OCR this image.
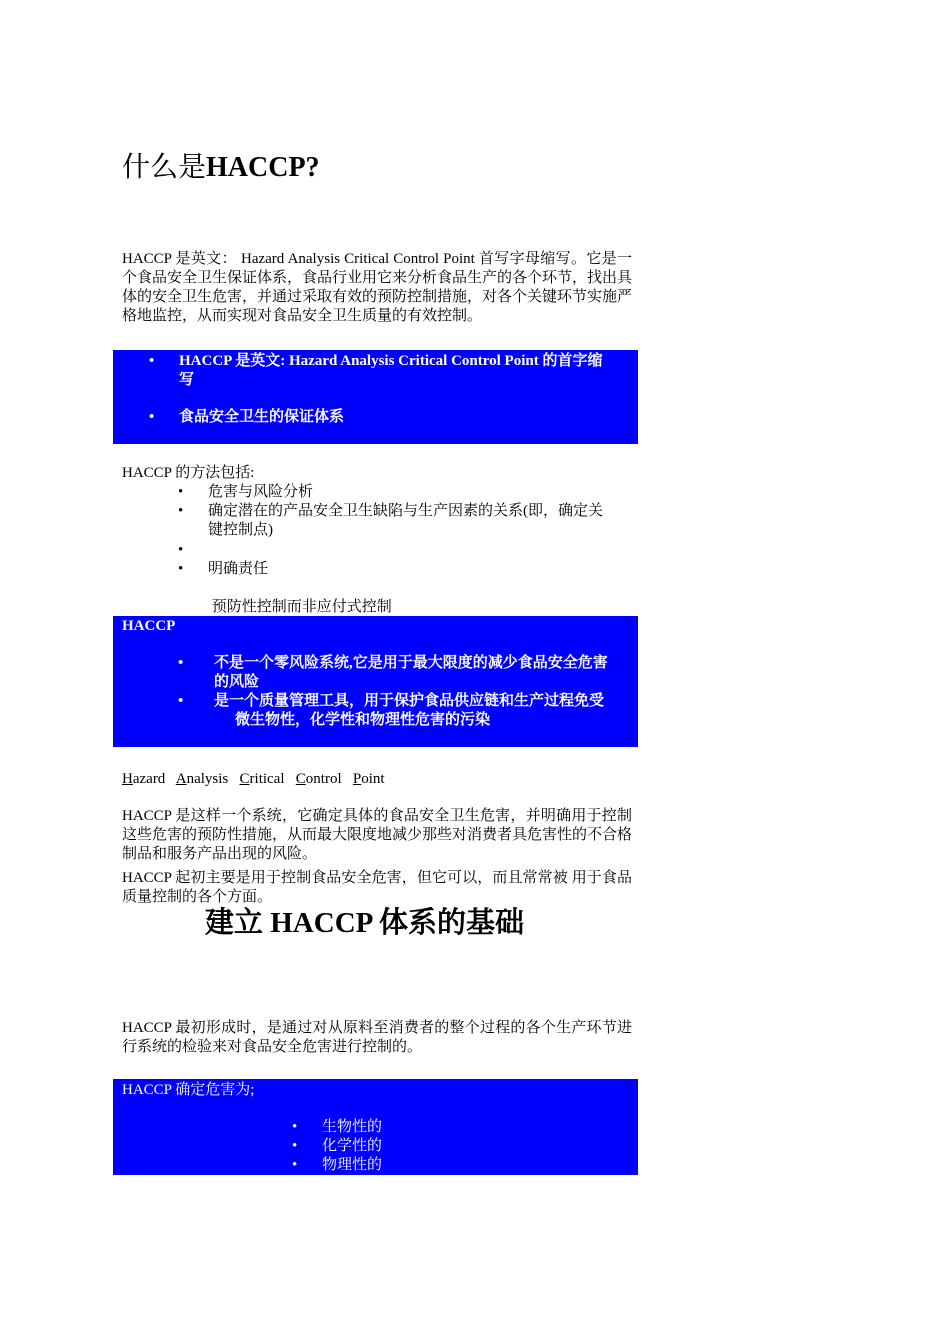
什么是HACCP?
HACCP 是英文： Hazard Analysis Critical Control Point 首写字母缩写。它是一个食品安全卫生保证体系，食品行业用它来分析食品生产的各个环节，找出具体的安全卫生危害，并通过采取有效的预防控制措施，对各个关键环节实施严格地监控，从而实现对食品安全卫生质量的有效控制。
• HACCP 是英文: Hazard Analysis Critical Control Point 的首字缩
写
• 食品安全卫生的保证体系
HACCP 的方法包括:
• 危害与风险分析
• 确定潜在的产品安全卫生缺陷与生产因素的关系(即，确定关
键控制点)

•

预防性控制而非应付式控制

• 明确责任
HACCP
• 不是一个零风险系统,它是用于最大限度的减少食品安全危害
的风险
• 是一个质量管理工具，用于保护食品供应链和生产过程免受
微生物性，化学性和物理性危害的污染
Hazard Analysis Critical Control Point
HACCP 是这样一个系统，它确定具体的食品安全卫生危害，并明确用于控制这些危害的预防性措施，从而最大限度地减少那些对消费者具危害性的不合格制品和服务产品出现的风险。
HACCP 起初主要是用于控制食品安全危害，但它可以，而且常常被 用于食品质量控制的各个方面。
建立 HACCP 体系的基础
HACCP 最初形成时，是通过对从原料至消费者的整个过程的各个生产环节进行系统的检验来对食品安全危害进行控制的。
HACCP 确定危害为;
• 生物性的
• 化学性的
• 物理性的
